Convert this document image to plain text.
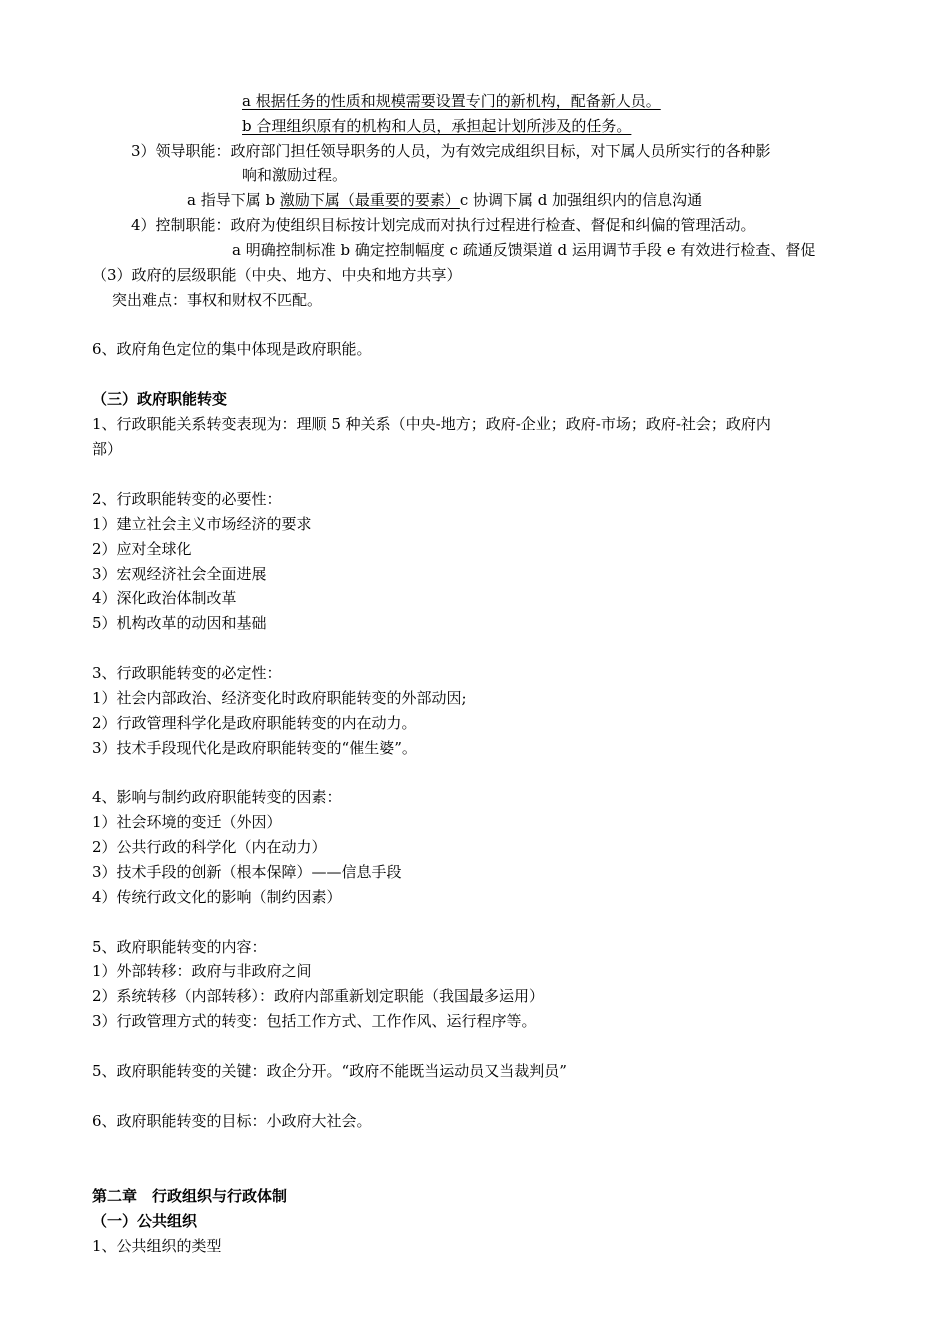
a 根据任务的性质和规模需要设置专门的新机构，配备新人员。
b 合理组织原有的机构和人员，承担起计划所涉及的任务。
3）领导职能：政府部门担任领导职务的人员，为有效完成组织目标，对下属人员所实行的各种影
响和激励过程。
a 指导下属 b 激励下属（最重要的要素）c 协调下属 d 加强组织内的信息沟通
4）控制职能：政府为使组织目标按计划完成而对执行过程进行检查、督促和纠偏的管理活动。
a 明确控制标准 b 确定控制幅度 c 疏通反馈渠道 d 运用调节手段 e 有效进行检查、督促
（3）政府的层级职能（中央、地方、中央和地方共享）
突出难点：事权和财权不匹配。
6、政府角色定位的集中体现是政府职能。
（三）政府职能转变
1、行政职能关系转变表现为：理顺 5 种关系（中央-地方；政府-企业；政府-市场；政府-社会；政府内
部）
2、行政职能转变的必要性：
1）建立社会主义市场经济的要求
2）应对全球化
3）宏观经济社会全面进展
4）深化政治体制改革
5）机构改革的动因和基础
3、行政职能转变的必定性：
1）社会内部政治、经济变化时政府职能转变的外部动因;
2）行政管理科学化是政府职能转变的内在动力。
3）技术手段现代化是政府职能转变的“催生婆”。
4、影响与制约政府职能转变的因素：
1）社会环境的变迁（外因）
2）公共行政的科学化（内在动力）
3）技术手段的创新（根本保障）——信息手段
4）传统行政文化的影响（制约因素）
5、政府职能转变的内容：
1）外部转移：政府与非政府之间
2）系统转移（内部转移）：政府内部重新划定职能（我国最多运用）
3）行政管理方式的转变：包括工作方式、工作作风、运行程序等。
5、政府职能转变的关键：政企分开。“政府不能既当运动员又当裁判员”
6、政府职能转变的目标：小政府大社会。
第二章　行政组织与行政体制
（一）公共组织
1、公共组织的类型
